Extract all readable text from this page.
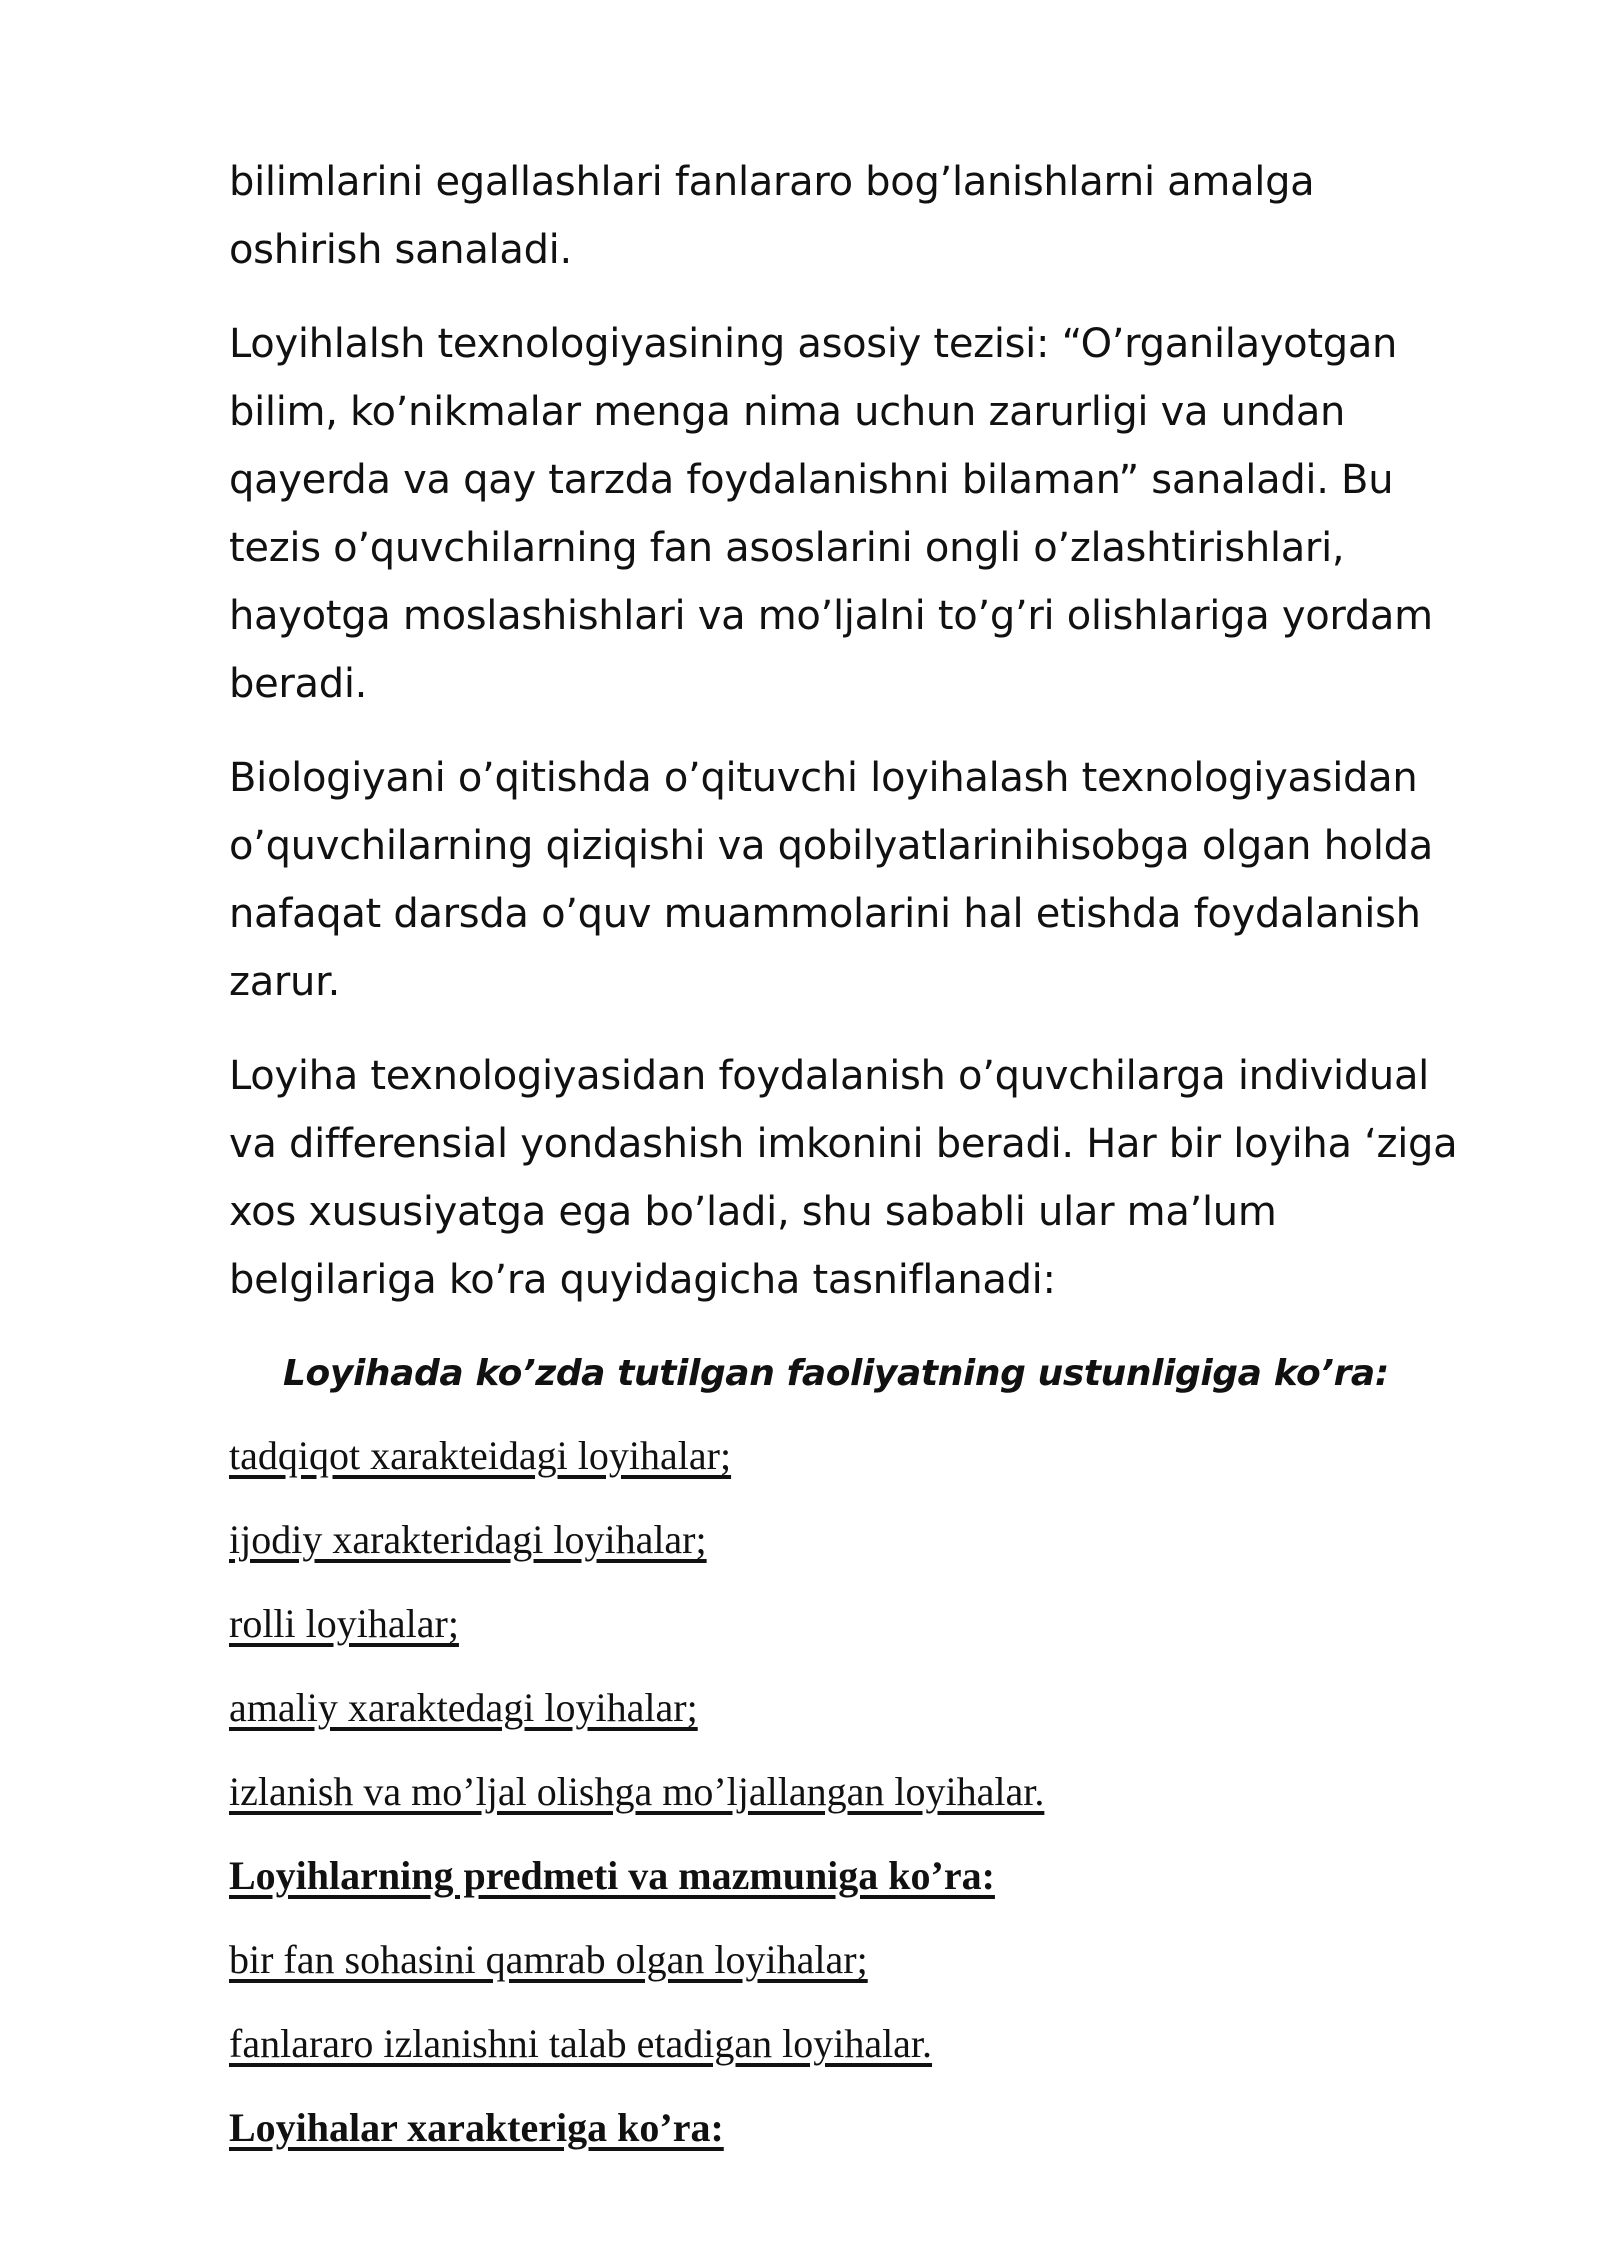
bilimlarini egallashlari fanlararo bog’lanishlarni amalga oshirish sanaladi.

Loyihlalsh texnologiyasining asosiy tezisi: “O’rganilayotgan bilim, ko’nikmalar menga nima uchun zarurligi va undan qayerda va qay tarzda foydalanishni bilaman” sanaladi. Bu tezis o’quvchilarning fan asoslarini ongli o’zlashtirishlari, hayotga moslashishlari va mo’ljalni to’g’ri olishlariga yordam beradi.

Biologiyani o’qitishda o’qituvchi loyihalash texnologiyasidan o’quvchilarning qiziqishi va qobilyatlarinihisobga olgan holda nafaqat darsda o’quv muammolarini hal etishda foydalanish zarur.

Loyiha texnologiyasidan foydalanish o’quvchilarga individual va differensial yondashish imkonini beradi. Har bir loyiha ‘ziga xos xususiyatga ega bo’ladi, shu sababli ular ma’lum belgilariga ko’ra quyidagicha tasniflanadi:

Loyihada ko’zda tutilgan faoliyatning ustunligiga ko’ra:

tadqiqot xarakteidagi loyihalar;

ijodiy xarakteridagi loyihalar;

rolli loyihalar;

amaliy xaraktedagi loyihalar;

izlanish va mo’ljal olishga mo’ljallangan loyihalar.

Loyihlarning predmeti va mazmuniga ko’ra:

bir fan sohasini qamrab olgan loyihalar;

fanlararo izlanishni talab etadigan loyihalar.

Loyihalar xarakteriga ko’ra:
